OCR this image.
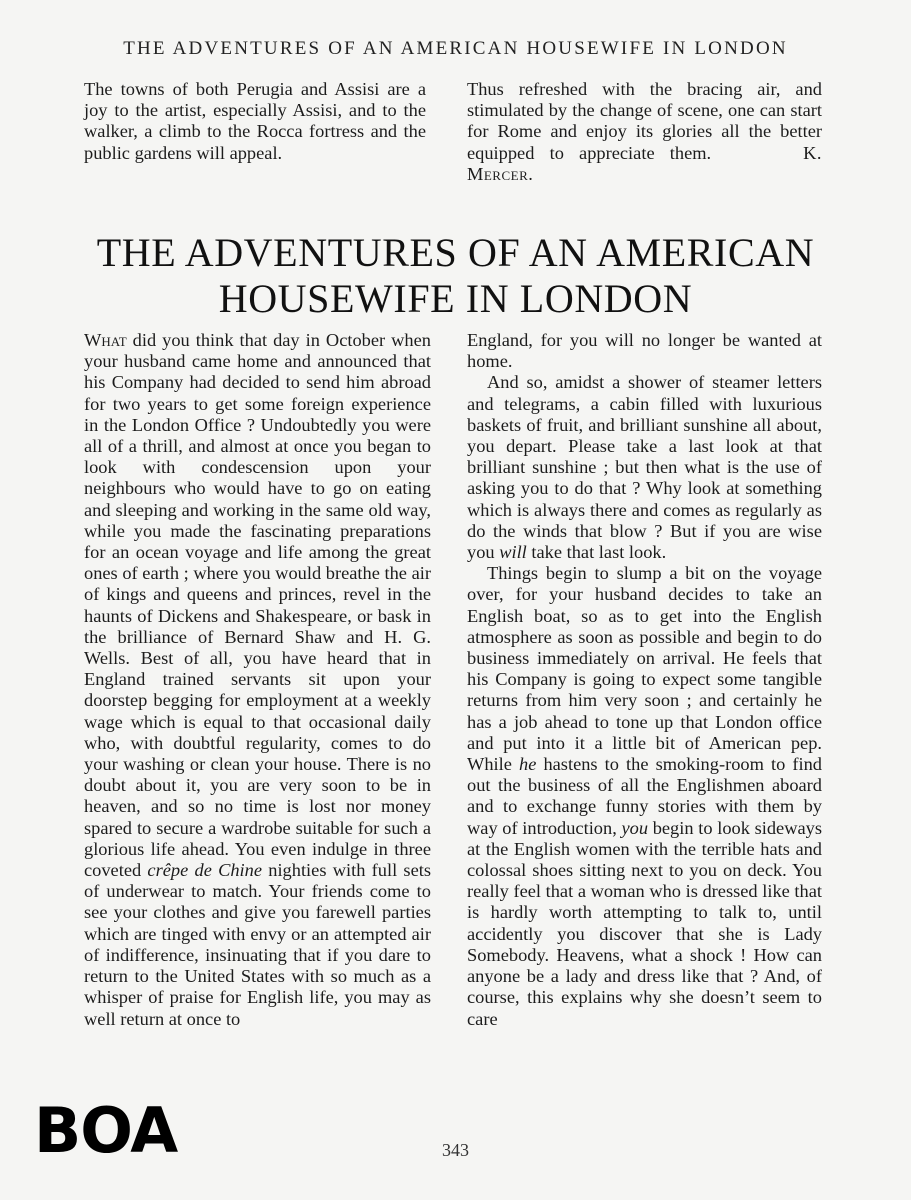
THE ADVENTURES OF AN AMERICAN HOUSEWIFE IN LONDON

The towns of both Perugia and Assisi are a joy to the artist, especially Assisi, and to the walker, a climb to the Rocca fortress and the public gardens will appeal.

Thus refreshed with the bracing air, and stimulated by the change of scene, one can start for Rome and enjoy its glories all the better equipped to appreciate them.     	K. Mercer.

THE ADVENTURES OF AN AMERICAN
HOUSEWIFE IN LONDON

What did you think that day in October when your husband came home and announced that his Company had decided to send him abroad for two years to get some foreign experience in the London Office ? Undoubtedly you were all of a thrill, and almost at once you began to look with condescension upon your neighbours who would have to go on eating and sleeping and working in the same old way, while you made the fascinating preparations for an ocean voyage and life among the great ones of earth ; where you would breathe the air of kings and queens and princes, revel in the haunts of Dickens and Shakespeare, or bask in the brilliance of Bernard Shaw and H. G. Wells. Best of all, you have heard that in England trained servants sit upon your doorstep begging for employment at a weekly wage which is equal to that occasional daily who, with doubtful regularity, comes to do your washing or clean your house. There is no doubt about it, you are very soon to be in heaven, and so no time is lost nor money spared to secure a wardrobe suitable for such a glorious life ahead. You even indulge in three coveted crêpe de Chine nighties with full sets of underwear to match. Your friends come to see your clothes and give you farewell parties which are tinged with envy or an attempted air of indifference, insinuating that if you dare to return to the United States with so much as a whisper of praise for English life, you may as well return at once to

England, for you will no longer be wanted at home.

And so, amidst a shower of steamer letters and telegrams, a cabin filled with luxurious baskets of fruit, and brilliant sunshine all about, you depart. Please take a last look at that brilliant sunshine ; but then what is the use of asking you to do that ? Why look at something which is always there and comes as regularly as do the winds that blow ? But if you are wise you will take that last look.

Things begin to slump a bit on the voyage over, for your husband decides to take an English boat, so as to get into the English atmosphere as soon as possible and begin to do business immediately on arrival. He feels that his Company is going to expect some tangible returns from him very soon ; and certainly he has a job ahead to tone up that London office and put into it a little bit of American pep. While he hastens to the smoking-room to find out the business of all the Englishmen aboard and to exchange funny stories with them by way of introduction, you begin to look sideways at the English women with the terrible hats and colossal shoes sitting next to you on deck. You really feel that a woman who is dressed like that is hardly worth attempting to talk to, until accidently you discover that she is Lady Somebody. Heavens, what a shock ! How can anyone be a lady and dress like that ? And, of course, this explains why she doesn’t seem to care

343
BOA
